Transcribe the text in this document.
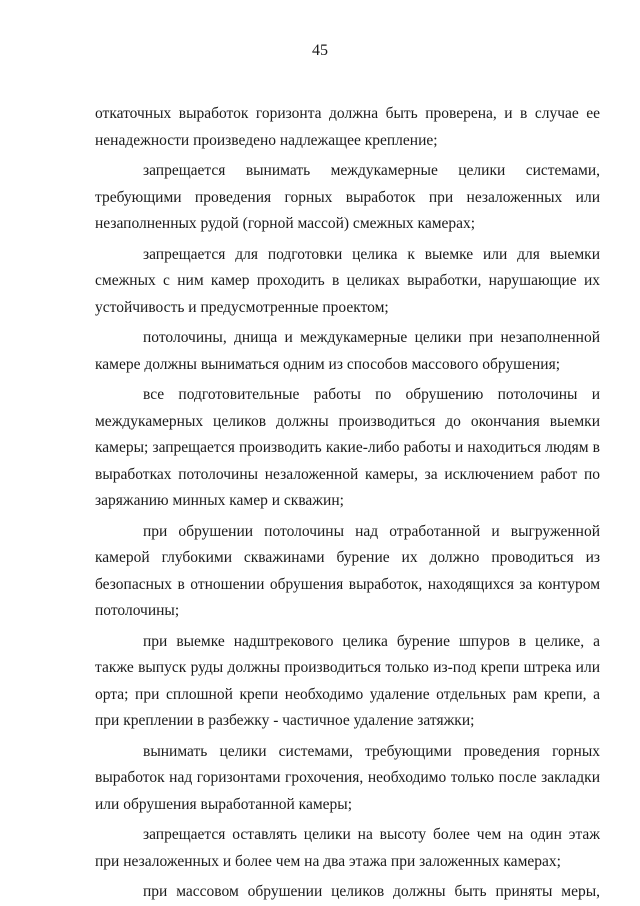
45

откаточных выработок горизонта должна быть проверена, и в случае ее ненадежности произведено надлежащее крепление;

запрещается вынимать междукамерные целики системами, требующими проведения горных выработок при незаложенных или незаполненных рудой (горной массой) смежных камерах;

запрещается для подготовки целика к выемке или для выемки смежных с ним камер проходить в целиках выработки, нарушающие их устойчивость и предусмотренные проектом;

потолочины, днища и междукамерные целики при незаполненной камере должны выниматься одним из способов массового обрушения;

все подготовительные работы по обрушению потолочины и междукамерных целиков должны производиться до окончания выемки камеры; запрещается производить какие-либо работы и находиться людям в выработках потолочины незаложенной камеры, за исключением работ по заряжанию минных камер и скважин;

при обрушении потолочины над отработанной и выгруженной камерой глубокими скважинами бурение их должно проводиться из безопасных в отношении обрушения выработок, находящихся за контуром потолочины;

при выемке надштрекового целика бурение шпуров в целике, а также выпуск руды должны производиться только из-под крепи штрека или орта; при сплошной крепи необходимо удаление отдельных рам крепи, а при креплении в разбежку - частичное удаление затяжки;

вынимать целики системами, требующими проведения горных выработок над горизонтами грохочения, необходимо только после закладки или обрушения выработанной камеры;

запрещается оставлять целики на высоту более чем на один этаж при незаложенных и более чем на два этажа при заложенных камерах;

при массовом обрушении целиков должны быть приняты меры,
